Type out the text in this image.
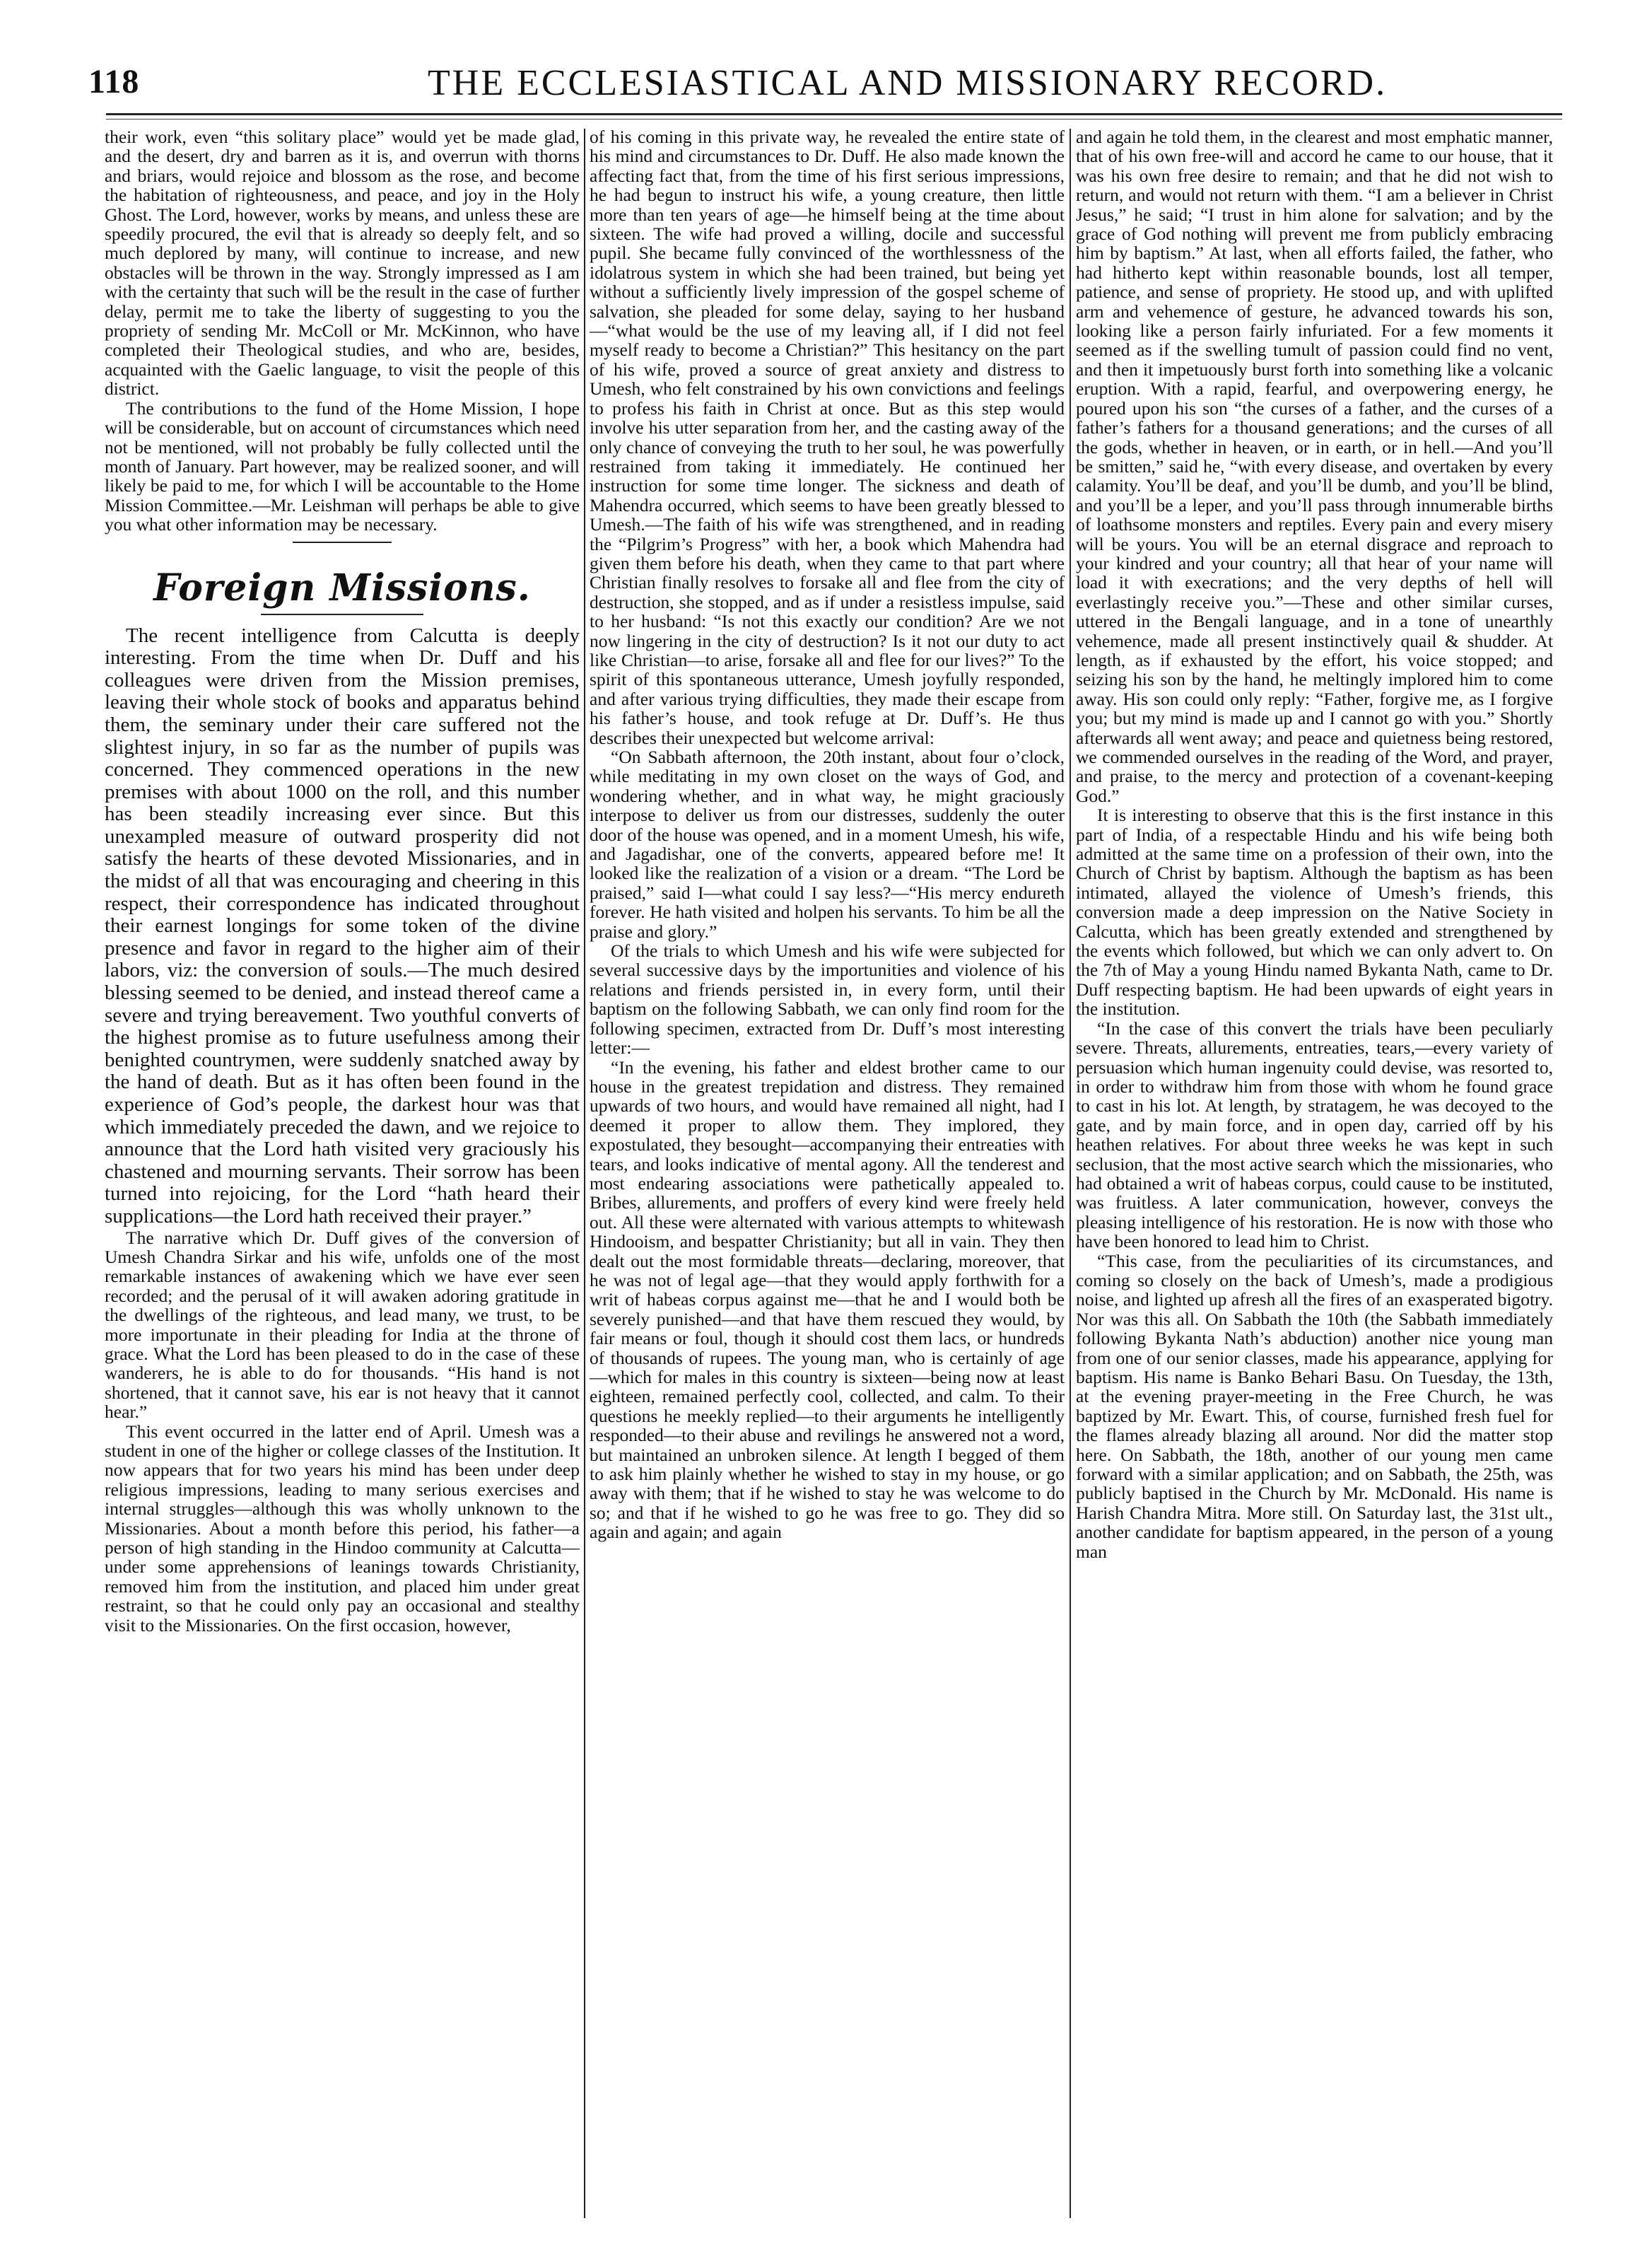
118	THE ECCLESIASTICAL AND MISSIONARY RECORD.

their work, even “this solitary place” would yet be made glad, and the desert, dry and barren as it is, and overrun with thorns and briars, would rejoice and blossom as the rose, and become the habitation of righteousness, and peace, and joy in the Holy Ghost. The Lord, however, works by means, and unless these are speedily procured, the evil that is already so deeply felt, and so much deplored by many, will continue to increase, and new obstacles will be thrown in the way. Strongly impressed as I am with the certainty that such will be the result in the case of further delay, permit me to take the liberty of suggesting to you the propriety of sending Mr. McColl or Mr. McKinnon, who have completed their Theological studies, and who are, besides, acquainted with the Gaelic language, to visit the people of this district.

The contributions to the fund of the Home Mission, I hope will be considerable, but on account of circumstances which need not be mentioned, will not probably be fully collected until the month of January. Part however, may be realized sooner, and will likely be paid to me, for which I will be accountable to the Home Mission Committee.—Mr. Leishman will perhaps be able to give you what other information may be necessary.

Foreign Missions.

The recent intelligence from Calcutta is deeply interesting. From the time when Dr. Duff and his colleagues were driven from the Mission premises, leaving their whole stock of books and apparatus behind them, the seminary under their care suffered not the slightest injury, in so far as the number of pupils was concerned. They commenced operations in the new premises with about 1000 on the roll, and this number has been steadily increasing ever since. But this unexampled measure of outward prosperity did not satisfy the hearts of these devoted Missionaries, and in the midst of all that was encouraging and cheering in this respect, their correspondence has indicated throughout their earnest longings for some token of the divine presence and favor in regard to the higher aim of their labors, viz: the conversion of souls.—The much desired blessing seemed to be denied, and instead thereof came a severe and trying bereavement. Two youthful converts of the highest promise as to future usefulness among their benighted countrymen, were suddenly snatched away by the hand of death. But as it has often been found in the experience of God’s people, the darkest hour was that which immediately preceded the dawn, and we rejoice to announce that the Lord hath visited very graciously his chastened and mourning servants. Their sorrow has been turned into rejoicing, for the Lord “hath heard their supplications—the Lord hath received their prayer.”

The narrative which Dr. Duff gives of the conversion of Umesh Chandra Sirkar and his wife, unfolds one of the most remarkable instances of awakening which we have ever seen recorded; and the perusal of it will awaken adoring gratitude in the dwellings of the righteous, and lead many, we trust, to be more importunate in their pleading for India at the throne of grace. What the Lord has been pleased to do in the case of these wanderers, he is able to do for thousands. “His hand is not shortened, that it cannot save, his ear is not heavy that it cannot hear.”

This event occurred in the latter end of April. Umesh was a student in one of the higher or college classes of the Institution. It now appears that for two years his mind has been under deep religious impressions, leading to many serious exercises and internal struggles—although this was wholly unknown to the Missionaries. About a month before this period, his father—a person of high standing in the Hindoo community at Calcutta—under some apprehensions of leanings towards Christianity, removed him from the institution, and placed him under great restraint, so that he could only pay an occasional and stealthy visit to the Missionaries. On the first occasion, however,

of his coming in this private way, he revealed the entire state of his mind and circumstances to Dr. Duff. He also made known the affecting fact that, from the time of his first serious impressions, he had begun to instruct his wife, a young creature, then little more than ten years of age—he himself being at the time about sixteen. The wife had proved a willing, docile and successful pupil. She became fully convinced of the worthlessness of the idolatrous system in which she had been trained, but being yet without a sufficiently lively impression of the gospel scheme of salvation, she pleaded for some delay, saying to her husband—“what would be the use of my leaving all, if I did not feel myself ready to become a Christian?” This hesitancy on the part of his wife, proved a source of great anxiety and distress to Umesh, who felt constrained by his own convictions and feelings to profess his faith in Christ at once. But as this step would involve his utter separation from her, and the casting away of the only chance of conveying the truth to her soul, he was powerfully restrained from taking it immediately. He continued her instruction for some time longer. The sickness and death of Mahendra occurred, which seems to have been greatly blessed to Umesh.—The faith of his wife was strengthened, and in reading the “Pilgrim’s Progress” with her, a book which Mahendra had given them before his death, when they came to that part where Christian finally resolves to forsake all and flee from the city of destruction, she stopped, and as if under a resistless impulse, said to her husband: “Is not this exactly our condition? Are we not now lingering in the city of destruction? Is it not our duty to act like Christian—to arise, forsake all and flee for our lives?” To the spirit of this spontaneous utterance, Umesh joyfully responded, and after various trying difficulties, they made their escape from his father’s house, and took refuge at Dr. Duff’s. He thus describes their unexpected but welcome arrival:

“On Sabbath afternoon, the 20th instant, about four o’clock, while meditating in my own closet on the ways of God, and wondering whether, and in what way, he might graciously interpose to deliver us from our distresses, suddenly the outer door of the house was opened, and in a moment Umesh, his wife, and Jagadishar, one of the converts, appeared before me! It looked like the realization of a vision or a dream. “The Lord be praised,” said I—what could I say less?—“His mercy endureth forever. He hath visited and holpen his servants. To him be all the praise and glory.”

Of the trials to which Umesh and his wife were subjected for several successive days by the importunities and violence of his relations and friends persisted in, in every form, until their baptism on the following Sabbath, we can only find room for the following specimen, extracted from Dr. Duff’s most interesting letter:—

“In the evening, his father and eldest brother came to our house in the greatest trepidation and distress. They remained upwards of two hours, and would have remained all night, had I deemed it proper to allow them. They implored, they expostulated, they besought—accompanying their entreaties with tears, and looks indicative of mental agony. All the tenderest and most endearing associations were pathetically appealed to. Bribes, allurements, and proffers of every kind were freely held out. All these were alternated with various attempts to whitewash Hindooism, and bespatter Christianity; but all in vain. They then dealt out the most formidable threats—declaring, moreover, that he was not of legal age—that they would apply forthwith for a writ of habeas corpus against me—that he and I would both be severely punished—and that have them rescued they would, by fair means or foul, though it should cost them lacs, or hundreds of thousands of rupees. The young man, who is certainly of age—which for males in this country is sixteen—being now at least eighteen, remained perfectly cool, collected, and calm. To their questions he meekly replied—to their arguments he intelligently responded—to their abuse and revilings he answered not a word, but maintained an unbroken silence. At length I begged of them to ask him plainly whether he wished to stay in my house, or go away with them; that if he wished to stay he was welcome to do so; and that if he wished to go he was free to go. They did so again and again; and again

and again he told them, in the clearest and most emphatic manner, that of his own free-will and accord he came to our house, that it was his own free desire to remain; and that he did not wish to return, and would not return with them. “I am a believer in Christ Jesus,” he said; “I trust in him alone for salvation; and by the grace of God nothing will prevent me from publicly embracing him by baptism.” At last, when all efforts failed, the father, who had hitherto kept within reasonable bounds, lost all temper, patience, and sense of propriety. He stood up, and with uplifted arm and vehemence of gesture, he advanced towards his son, looking like a person fairly infuriated. For a few moments it seemed as if the swelling tumult of passion could find no vent, and then it impetuously burst forth into something like a volcanic eruption. With a rapid, fearful, and overpowering energy, he poured upon his son “the curses of a father, and the curses of a father’s fathers for a thousand generations; and the curses of all the gods, whether in heaven, or in earth, or in hell.—And you’ll be smitten,” said he, “with every disease, and overtaken by every calamity. You’ll be deaf, and you’ll be dumb, and you’ll be blind, and you’ll be a leper, and you’ll pass through innumerable births of loathsome monsters and reptiles. Every pain and every misery will be yours. You will be an eternal disgrace and reproach to your kindred and your country; all that hear of your name will load it with execrations; and the very depths of hell will everlastingly receive you.”—These and other similar curses, uttered in the Bengali language, and in a tone of unearthly vehemence, made all present instinctively quail & shudder. At length, as if exhausted by the effort, his voice stopped; and seizing his son by the hand, he meltingly implored him to come away. His son could only reply: “Father, forgive me, as I forgive you; but my mind is made up and I cannot go with you.” Shortly afterwards all went away; and peace and quietness being restored, we commended ourselves in the reading of the Word, and prayer, and praise, to the mercy and protection of a covenant-keeping God.”

It is interesting to observe that this is the first instance in this part of India, of a respectable Hindu and his wife being both admitted at the same time on a profession of their own, into the Church of Christ by baptism. Although the baptism as has been intimated, allayed the violence of Umesh’s friends, this conversion made a deep impression on the Native Society in Calcutta, which has been greatly extended and strengthened by the events which followed, but which we can only advert to. On the 7th of May a young Hindu named Bykanta Nath, came to Dr. Duff respecting baptism. He had been upwards of eight years in the institution.

“In the case of this convert the trials have been peculiarly severe. Threats, allurements, entreaties, tears,—every variety of persuasion which human ingenuity could devise, was resorted to, in order to withdraw him from those with whom he found grace to cast in his lot. At length, by stratagem, he was decoyed to the gate, and by main force, and in open day, carried off by his heathen relatives. For about three weeks he was kept in such seclusion, that the most active search which the missionaries, who had obtained a writ of habeas corpus, could cause to be instituted, was fruitless. A later communication, however, conveys the pleasing intelligence of his restoration. He is now with those who have been honored to lead him to Christ.

“This case, from the peculiarities of its circumstances, and coming so closely on the back of Umesh’s, made a prodigious noise, and lighted up afresh all the fires of an exasperated bigotry. Nor was this all. On Sabbath the 10th (the Sabbath immediately following Bykanta Nath’s abduction) another nice young man from one of our senior classes, made his appearance, applying for baptism. His name is Banko Behari Basu. On Tuesday, the 13th, at the evening prayer-meeting in the Free Church, he was baptized by Mr. Ewart. This, of course, furnished fresh fuel for the flames already blazing all around. Nor did the matter stop here. On Sabbath, the 18th, another of our young men came forward with a similar application; and on Sabbath, the 25th, was publicly baptised in the Church by Mr. McDonald. His name is Harish Chandra Mitra. More still. On Saturday last, the 31st ult., another candidate for baptism appeared, in the person of a young man
